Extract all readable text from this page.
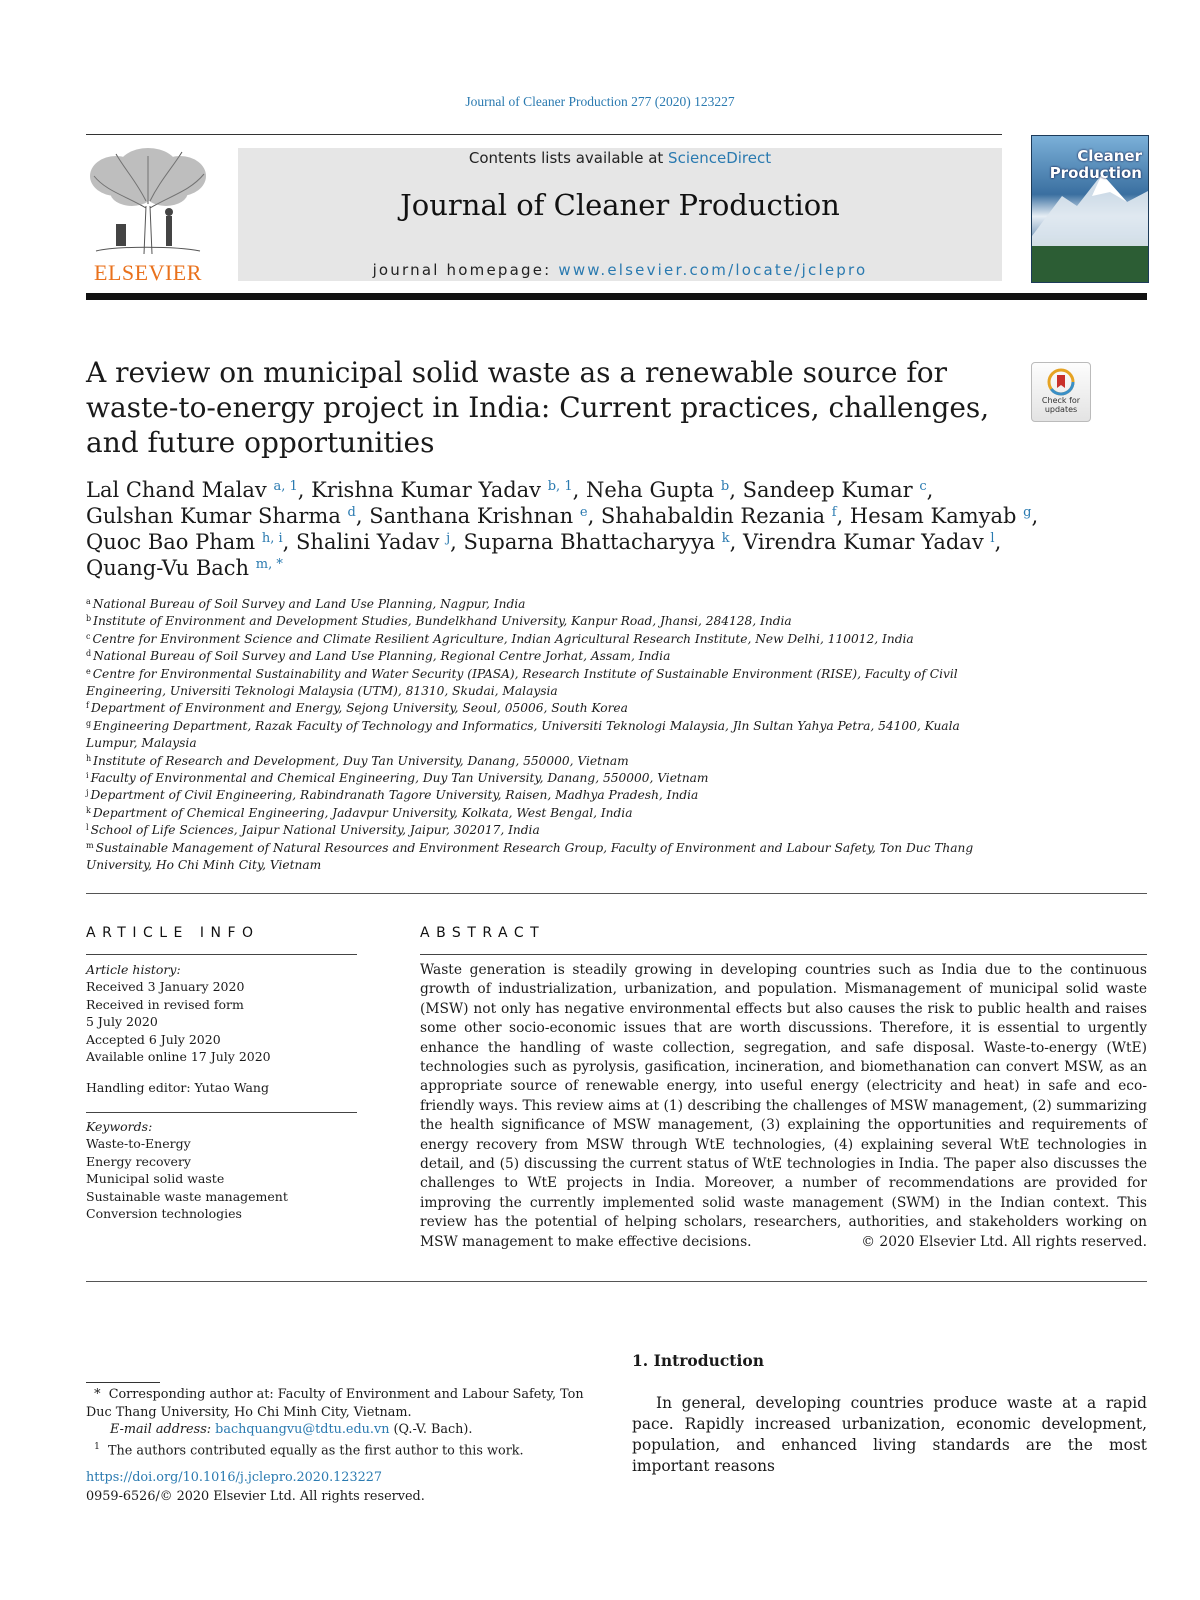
Journal of Cleaner Production 277 (2020) 123227
ELSEVIER
Contents lists available at ScienceDirect
Journal of Cleaner Production
journal homepage: www.elsevier.com/locate/jclepro
Cleaner
Production
A review on municipal solid waste as a renewable source for waste-to-energy project in India: Current practices, challenges, and future opportunities
Check for
updates
Lal Chand Malav $^{a, 1}$, Krishna Kumar Yadav $^{b, 1}$, Neha Gupta $^b$, Sandeep Kumar $^c$,
Gulshan Kumar Sharma $^d$, Santhana Krishnan $^e$, Shahabaldin Rezania $^f$, Hesam Kamyab $^g$,
Quoc Bao Pham $^{h, i}$, Shalini Yadav $^j$, Suparna Bhattacharyya $^k$, Virendra Kumar Yadav $^l$,
Quang-Vu Bach $^{m, *}$
$^a$ National Bureau of Soil Survey and Land Use Planning, Nagpur, India
$^b$ Institute of Environment and Development Studies, Bundelkhand University, Kanpur Road, Jhansi, 284128, India
$^c$ Centre for Environment Science and Climate Resilient Agriculture, Indian Agricultural Research Institute, New Delhi, 110012, India
$^d$ National Bureau of Soil Survey and Land Use Planning, Regional Centre Jorhat, Assam, India
$^e$ Centre for Environmental Sustainability and Water Security (IPASA), Research Institute of Sustainable Environment (RISE), Faculty of Civil Engineering, Universiti Teknologi Malaysia (UTM), 81310, Skudai, Malaysia
$^f$ Department of Environment and Energy, Sejong University, Seoul, 05006, South Korea
$^g$ Engineering Department, Razak Faculty of Technology and Informatics, Universiti Teknologi Malaysia, Jln Sultan Yahya Petra, 54100, Kuala Lumpur, Malaysia
$^h$ Institute of Research and Development, Duy Tan University, Danang, 550000, Vietnam
$^i$ Faculty of Environmental and Chemical Engineering, Duy Tan University, Danang, 550000, Vietnam
$^j$ Department of Civil Engineering, Rabindranath Tagore University, Raisen, Madhya Pradesh, India
$^k$ Department of Chemical Engineering, Jadavpur University, Kolkata, West Bengal, India
$^l$ School of Life Sciences, Jaipur National University, Jaipur, 302017, India
$^m$ Sustainable Management of Natural Resources and Environment Research Group, Faculty of Environment and Labour Safety, Ton Duc Thang University, Ho Chi Minh City, Vietnam
ARTICLE INFO
Article history:
Received 3 January 2020
Received in revised form
5 July 2020
Accepted 6 July 2020
Available online 17 July 2020
Handling editor: Yutao Wang
Keywords:
Waste-to-Energy
Energy recovery
Municipal solid waste
Sustainable waste management
Conversion technologies
ABSTRACT

Waste generation is steadily growing in developing countries such as India due to the continuous growth of industrialization, urbanization, and population. Mismanagement of municipal solid waste (MSW) not only has negative environmental effects but also causes the risk to public health and raises some other socio-economic issues that are worth discussions. Therefore, it is essential to urgently enhance the handling of waste collection, segregation, and safe disposal. Waste-to-energy (WtE) technologies such as pyrolysis, gasification, incineration, and biomethanation can convert MSW, as an appropriate source of renewable energy, into useful energy (electricity and heat) in safe and eco-friendly ways. This review aims at (1) describing the challenges of MSW management, (2) summarizing the health significance of MSW management, (3) explaining the opportunities and requirements of energy recovery from MSW through WtE technologies, (4) explaining several WtE technologies in detail, and (5) discussing the current status of WtE technologies in India. The paper also discusses the challenges to WtE projects in India. Moreover, a number of recommendations are provided for improving the currently implemented solid waste management (SWM) in the Indian context. This review has the potential of helping scholars, researchers, authorities, and stakeholders working on MSW management to make effective decisions.	© 2020 Elsevier Ltd. All rights reserved.
1. Introduction

In general, developing countries produce waste at a rapid pace. Rapidly increased urbanization, economic development, population, and enhanced living standards are the most important reasons

* Corresponding author at: Faculty of Environment and Labour Safety, Ton Duc Thang University, Ho Chi Minh City, Vietnam.
E-mail address: bachquangvu@tdtu.edu.vn (Q.-V. Bach).
$^1$ The authors contributed equally as the first author to this work.
https://doi.org/10.1016/j.jclepro.2020.123227
0959-6526/© 2020 Elsevier Ltd. All rights reserved.
